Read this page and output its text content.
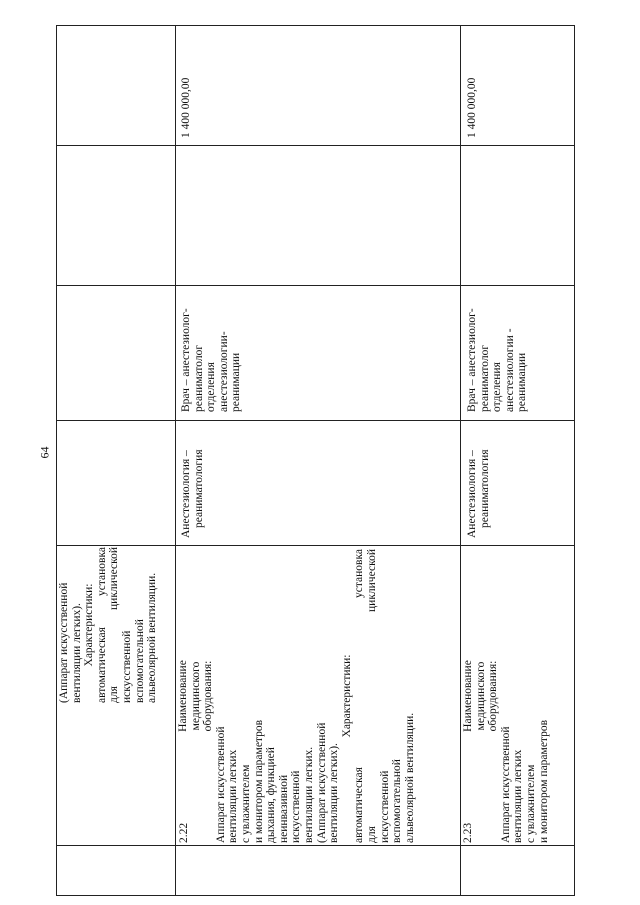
64
(Аппарат искусственной вентиляции легких). Характеристики: автоматическая установка для циклической искусственной вспомогательной альвеолярной вентиляции.
2.22
Наименование медицинского оборудования:
Аппарат искусственной вентиляции легких с увлажнителем и монитором параметров дыхания, функцией неинвазивной искусственной вентиляции легких. (Аппарат искусственной вентиляции легких).
Характеристики: автоматическая установка для циклической искусственной вспомогательной альвеолярной вентиляции.
Анестезиология – реаниматология
Врач – анестезиолог- реаниматолог отделения анестезиологии- реанимации
1 400 000,00
2.23
Наименование медицинского оборудования:
Аппарат искусственной вентиляции легких с увлажнителем и монитором параметров
Анестезиология – реаниматология
Врач – анестезиолог- реаниматолог отделения анестезиологии - реанимации
1 400 000,00
